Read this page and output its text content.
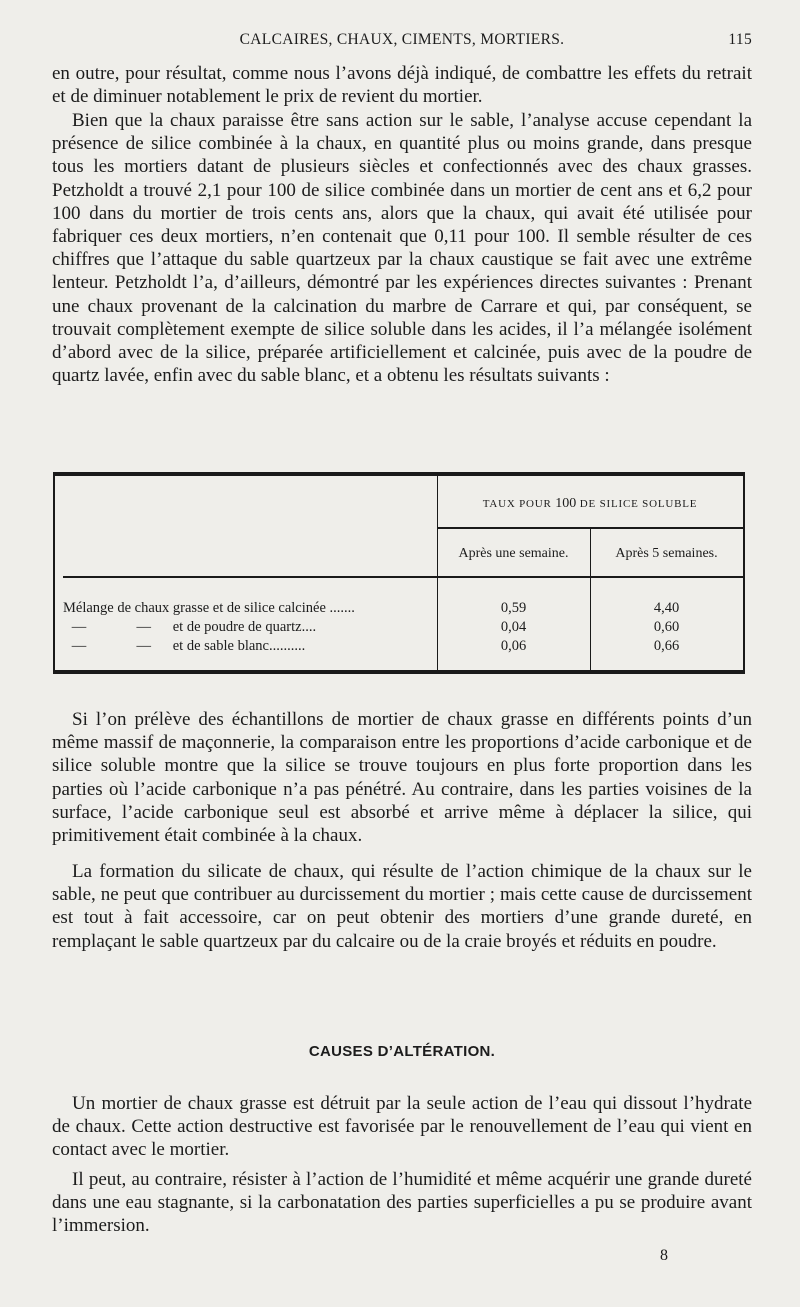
CALCAIRES, CHAUX, CIMENTS, MORTIERS.	115

en outre, pour résultat, comme nous l’avons déjà indiqué, de combattre les effets du retrait et de diminuer notablement le prix de revient du mortier.

Bien que la chaux paraisse être sans action sur le sable, l’analyse accuse cependant la présence de silice combinée à la chaux, en quantité plus ou moins grande, dans presque tous les mortiers datant de plusieurs siècles et confectionnés avec des chaux grasses. Petzholdt a trouvé 2,1 pour 100 de silice combinée dans un mortier de cent ans et 6,2 pour 100 dans du mortier de trois cents ans, alors que la chaux, qui avait été utilisée pour fabriquer ces deux mortiers, n’en contenait que 0,11 pour 100. Il semble résulter de ces chiffres que l’attaque du sable quartzeux par la chaux caustique se fait avec une extrême lenteur. Petzholdt l’a, d’ailleurs, démontré par les expériences directes suivantes : Prenant une chaux provenant de la calcination du marbre de Carrare et qui, par conséquent, se trouvait complètement exempte de silice soluble dans les acides, il l’a mélangée isolément d’abord avec de la silice, préparée artificiellement et calcinée, puis avec de la poudre de quartz lavée, enfin avec du sable blanc, et a obtenu les résultats suivants :

TAUX POUR 100 DE SILICE SOLUBLE
Après une semaine.	Après 5 semaines.
Mélange de chaux grasse et de silice calcinée .......	0,59	4,40
—	— et de poudre de quartz....	0,04	0,60
—	— et de sable blanc..........	0,06	0,66

Si l’on prélève des échantillons de mortier de chaux grasse en différents points d’un même massif de maçonnerie, la comparaison entre les proportions d’acide carbonique et de silice soluble montre que la silice se trouve toujours en plus forte proportion dans les parties où l’acide carbonique n’a pas pénétré. Au contraire, dans les parties voisines de la surface, l’acide carbonique seul est absorbé et arrive même à déplacer la silice, qui primitivement était combinée à la chaux.

La formation du silicate de chaux, qui résulte de l’action chimique de la chaux sur le sable, ne peut que contribuer au durcissement du mortier ; mais cette cause de durcissement est tout à fait accessoire, car on peut obtenir des mortiers d’une grande dureté, en remplaçant le sable quartzeux par du calcaire ou de la craie broyés et réduits en poudre.

CAUSES D’ALTÉRATION.

Un mortier de chaux grasse est détruit par la seule action de l’eau qui dissout l’hydrate de chaux. Cette action destructive est favorisée par le renouvellement de l’eau qui vient en contact avec le mortier.

Il peut, au contraire, résister à l’action de l’humidité et même acquérir une grande dureté dans une eau stagnante, si la carbonatation des parties superficielles a pu se produire avant l’immersion.

8
